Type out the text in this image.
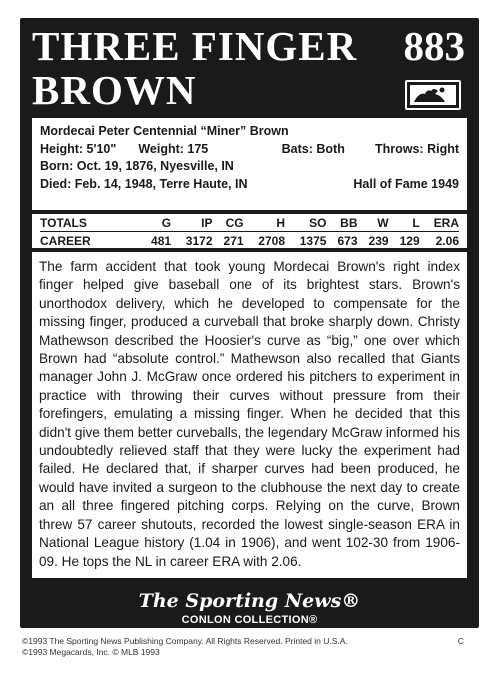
THREE FINGER
BROWN
883
Mordecai Peter Centennial “Miner” Brown
Height: 5'10"	Weight: 175	Bats: Both	Throws: Right
Born: Oct. 19, 1876, Nyesville, IN
Died: Feb. 14, 1948, Terre Haute, IN	Hall of Fame 1949
TOTALS	G	IP	CG	H	SO	BB	W	L	ERA
CAREER	481	3172	271	2708	1375	673	239	129	2.06
The farm accident that took young Mordecai Brown's right index finger helped give baseball one of its brightest stars. Brown's unorthodox delivery, which he developed to compensate for the missing finger, produced a curveball that broke sharply down. Christy Mathewson described the Hoosier's curve as “big,” one over which Brown had “absolute control.” Mathewson also recalled that Giants manager John J. McGraw once ordered his pitchers to experiment in practice with throwing their curves without pressure from their forefingers, emulating a missing finger. When he decided that this didn't give them better curveballs, the legendary McGraw informed his undoubtedly relieved staff that they were lucky the experiment had failed. He declared that, if sharper curves had been produced, he would have invited a surgeon to the clubhouse the next day to create an all three fingered pitching corps. Relying on the curve, Brown threw 57 career shutouts, recorded the lowest single-season ERA in National League history (1.04 in 1906), and went 102-30 from 1906-09. He tops the NL in career ERA with 2.06.
The Sporting News®
CONLON COLLECTION®
©1993 The Sporting News Publishing Company. All Rights Reserved. Printed in U.S.A.
©1993 Megacards, Inc. © MLB 1993
C
